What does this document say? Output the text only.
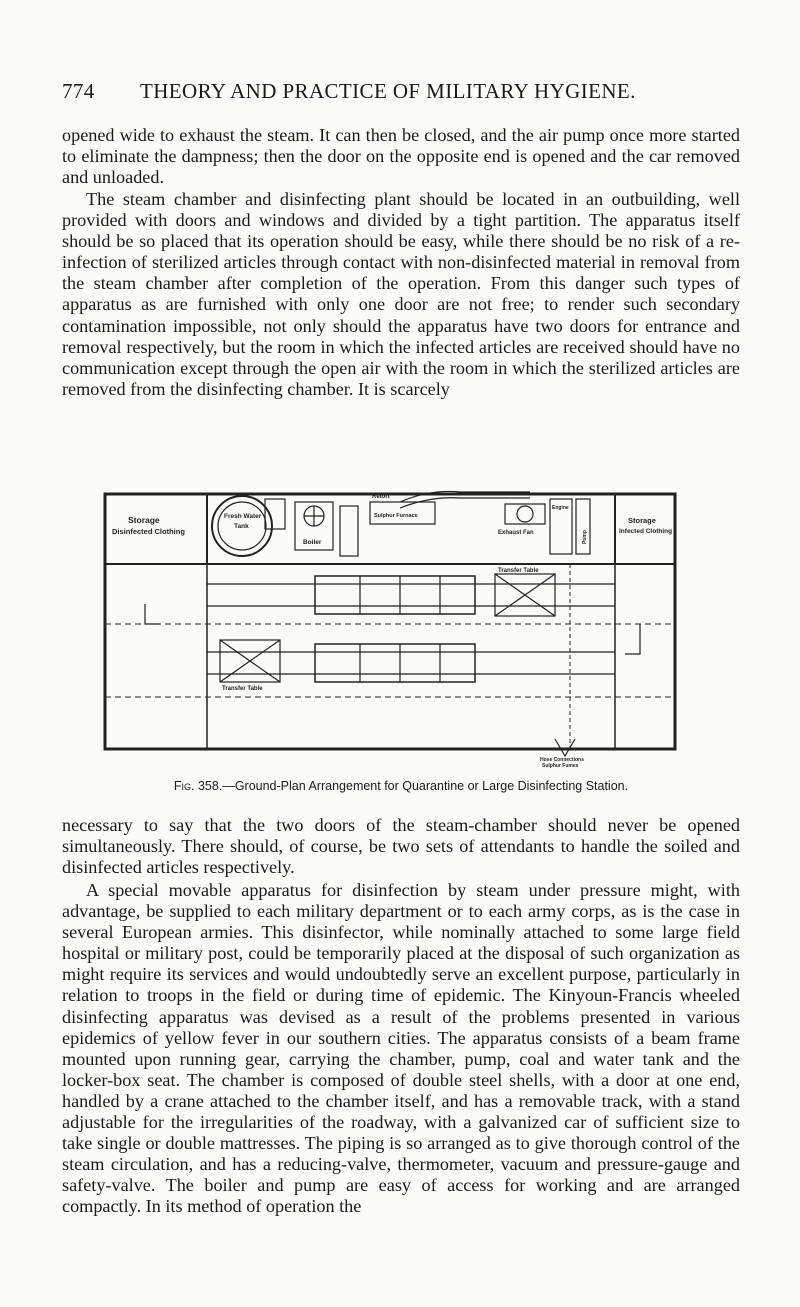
774 THEORY AND PRACTICE OF MILITARY HYGIENE.

opened wide to exhaust the steam. It can then be closed, and the air pump once more started to eliminate the dampness; then the door on the opposite end is opened and the car removed and unloaded.

The steam chamber and disinfecting plant should be located in an outbuilding, well provided with doors and windows and divided by a tight partition. The apparatus itself should be so placed that its operation should be easy, while there should be no risk of a re-infection of sterilized articles through contact with non-disinfected material in removal from the steam chamber after completion of the operation. From this danger such types of apparatus as are furnished with only one door are not free; to render such secondary contamination impossible, not only should the apparatus have two doors for entrance and removal respectively, but the room in which the infected articles are received should have no communication except through the open air with the room in which the sterilized articles are removed from the disinfecting chamber. It is scarcely

Storage
Disinfected Clothing
Storage
Infected Clothing
Fresh Water
Tank
Boiler
Retort
Sulphur Furnace
Exhaust Fan
Engine
Pump
Transfer Table
Transfer Table
Hose Connections
Sulphur Fumes
Fig. 358.—Ground-Plan Arrangement for Quarantine or Large Disinfecting Station.

necessary to say that the two doors of the steam-chamber should never be opened simultaneously. There should, of course, be two sets of attendants to handle the soiled and disinfected articles respectively.

A special movable apparatus for disinfection by steam under pressure might, with advantage, be supplied to each military department or to each army corps, as is the case in several European armies. This disinfector, while nominally attached to some large field hospital or military post, could be temporarily placed at the disposal of such organization as might require its services and would undoubtedly serve an excellent purpose, particularly in relation to troops in the field or during time of epidemic. The Kinyoun-Francis wheeled disinfecting apparatus was devised as a result of the problems presented in various epidemics of yellow fever in our southern cities. The apparatus consists of a beam frame mounted upon running gear, carrying the chamber, pump, coal and water tank and the locker-box seat. The chamber is composed of double steel shells, with a door at one end, handled by a crane attached to the chamber itself, and has a removable track, with a stand adjustable for the irregularities of the roadway, with a galvanized car of sufficient size to take single or double mattresses. The piping is so arranged as to give thorough control of the steam circulation, and has a reducing-valve, thermometer, vacuum and pressure-gauge and safety-valve. The boiler and pump are easy of access for working and are arranged compactly. In its method of operation the
